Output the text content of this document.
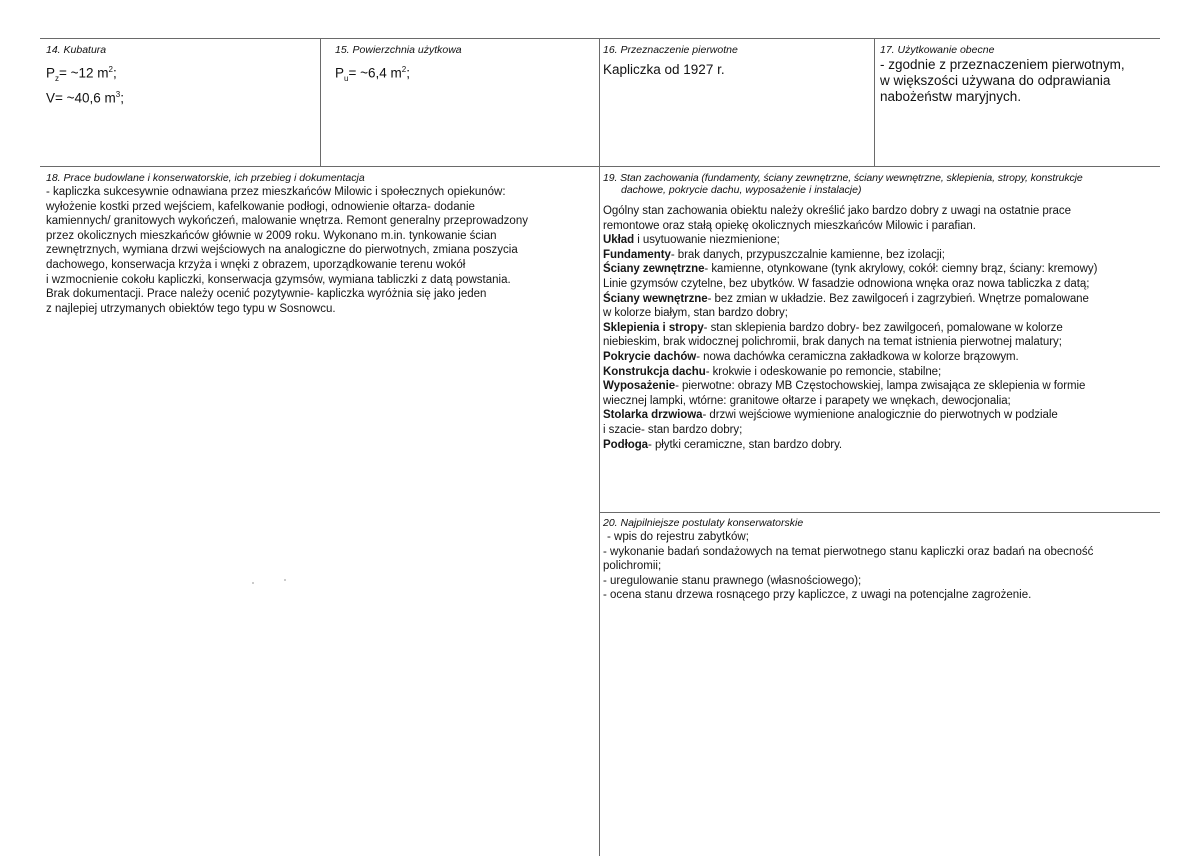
14. Kubatura
$P_z=$ ~12 $m^2$;
V= ~40,6 $m^3$;
15. Powierzchnia użytkowa
$P_u=$ ~6,4 $m^2$;
16. Przeznaczenie pierwotne
Kapliczka od 1927 r.
17. Użytkowanie obecne
- zgodnie z przeznaczeniem pierwotnym,
w większości używana do odprawiania
nabożeństw maryjnych.
18. Prace budowlane i konserwatorskie, ich przebieg i dokumentacja
- kapliczka sukcesywnie odnawiana przez mieszkańców Milowic i społecznych opiekunów:
wyłożenie kostki przed wejściem, kafelkowanie podłogi, odnowienie ołtarza- dodanie
kamiennych/ granitowych wykończeń, malowanie wnętrza. Remont generalny przeprowadzony
przez okolicznych mieszkańców głównie w 2009 roku. Wykonano m.in. tynkowanie ścian
zewnętrznych, wymiana drzwi wejściowych na analogiczne do pierwotnych, zmiana poszycia
dachowego, konserwacja krzyża i wnęki z obrazem, uporządkowanie terenu wokół
i wzmocnienie cokołu kapliczki, konserwacja gzymsów, wymiana tabliczki z datą powstania.
Brak dokumentacji. Prace należy ocenić pozytywnie- kapliczka wyróżnia się jako jeden
z najlepiej utrzymanych obiektów tego typu w Sosnowcu.
19. Stan zachowania (fundamenty, ściany zewnętrzne, ściany wewnętrzne, sklepienia, stropy, konstrukcje
dachowe, pokrycie dachu, wyposażenie i instalacje)
Ogólny stan zachowania obiektu należy określić jako bardzo dobry z uwagi na ostatnie prace
remontowe oraz stałą opiekę okolicznych mieszkańców Milowic i parafian.
Układ i usytuowanie niezmienione;
Fundamenty- brak danych, przypuszczalnie kamienne, bez izolacji;
Ściany zewnętrzne- kamienne, otynkowane (tynk akrylowy, cokół: ciemny brąz, ściany: kremowy)
Linie gzymsów czytelne, bez ubytków. W fasadzie odnowiona wnęka oraz nowa tabliczka z datą;
Ściany wewnętrzne- bez zmian w układzie. Bez zawilgoceń i zagrzybień. Wnętrze pomalowane
w kolorze białym, stan bardzo dobry;
Sklepienia i stropy- stan sklepienia bardzo dobry- bez zawilgoceń, pomalowane w kolorze
niebieskim, brak widocznej polichromii, brak danych na temat istnienia pierwotnej malatury;
Pokrycie dachów- nowa dachówka ceramiczna zakładkowa w kolorze brązowym.
Konstrukcja dachu- krokwie i odeskowanie po remoncie, stabilne;
Wyposażenie- pierwotne: obrazy MB Częstochowskiej, lampa zwisająca ze sklepienia w formie
wiecznej lampki, wtórne: granitowe ołtarze i parapety we wnękach, dewocjonalia;
Stolarka drzwiowa- drzwi wejściowe wymienione analogicznie do pierwotnych w podziale
i szacie- stan bardzo dobry;
Podłoga- płytki ceramiczne, stan bardzo dobry.
20. Najpilniejsze postulaty konserwatorskie
- wpis do rejestru zabytków;
- wykonanie badań sondażowych na temat pierwotnego stanu kapliczki oraz badań na obecność
polichromii;
- uregulowanie stanu prawnego (własnościowego);
- ocena stanu drzewa rosnącego przy kapliczce, z uwagi na potencjalne zagrożenie.
